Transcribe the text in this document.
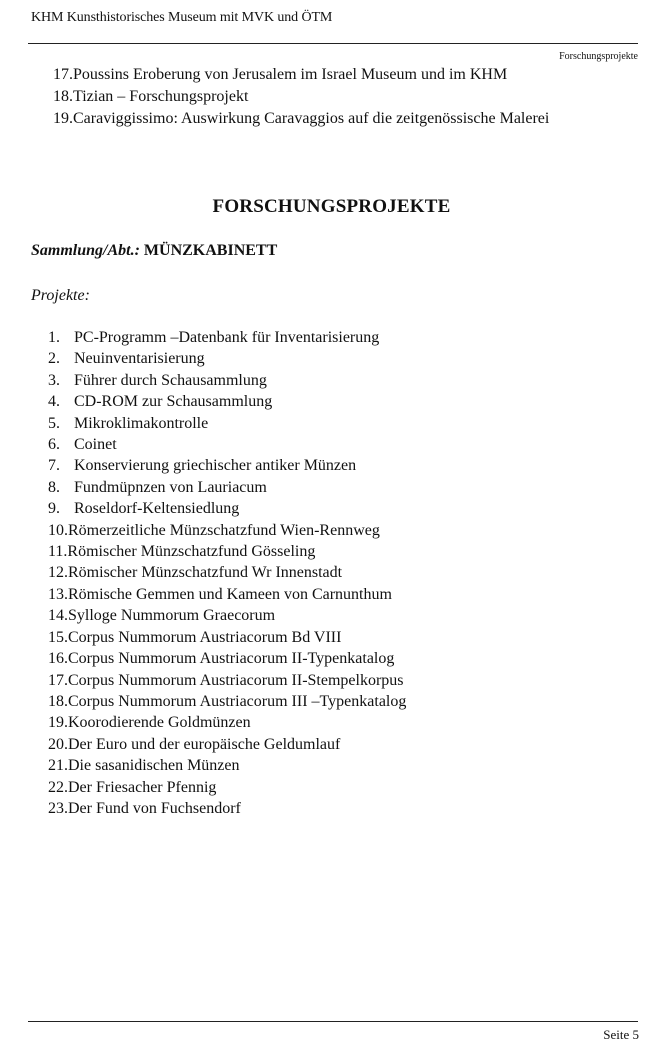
KHM Kunsthistorisches Museum mit MVK und ÖTM
Forschungsprojekte
17.Poussins Eroberung von Jerusalem im Israel Museum und im KHM
18.Tizian – Forschungsprojekt
19.Caraviggissimo: Auswirkung Caravaggios auf die zeitgenössische Malerei
FORSCHUNGSPROJEKTE
Sammlung/Abt.: MÜNZKABINETT
Projekte:
1. PC-Programm –Datenbank für Inventarisierung
2. Neuinventarisierung
3. Führer durch Schausammlung
4. CD-ROM zur Schausammlung
5. Mikroklimakontrolle
6. Coinet
7. Konservierung griechischer antiker Münzen
8. Fundmüpnzen von Lauriacum
9. Roseldorf-Keltensiedlung
10. Römerzeitliche Münzschatzfund Wien-Rennweg
11. Römischer Münzschatzfund Gösseling
12. Römischer Münzschatzfund Wr Innenstadt
13. Römische Gemmen und Kameen von Carnunthum
14. Sylloge Nummorum Graecorum
15. Corpus Nummorum Austriacorum Bd VIII
16. Corpus Nummorum Austriacorum II-Typenkatalog
17. Corpus Nummorum Austriacorum II-Stempelkorpus
18. Corpus Nummorum Austriacorum III –Typenkatalog
19. Koorodierende Goldmünzen
20. Der Euro und der europäische Geldumlauf
21. Die sasanidischen Münzen
22. Der Friesacher Pfennig
23. Der Fund von Fuchsendorf
Seite 5
